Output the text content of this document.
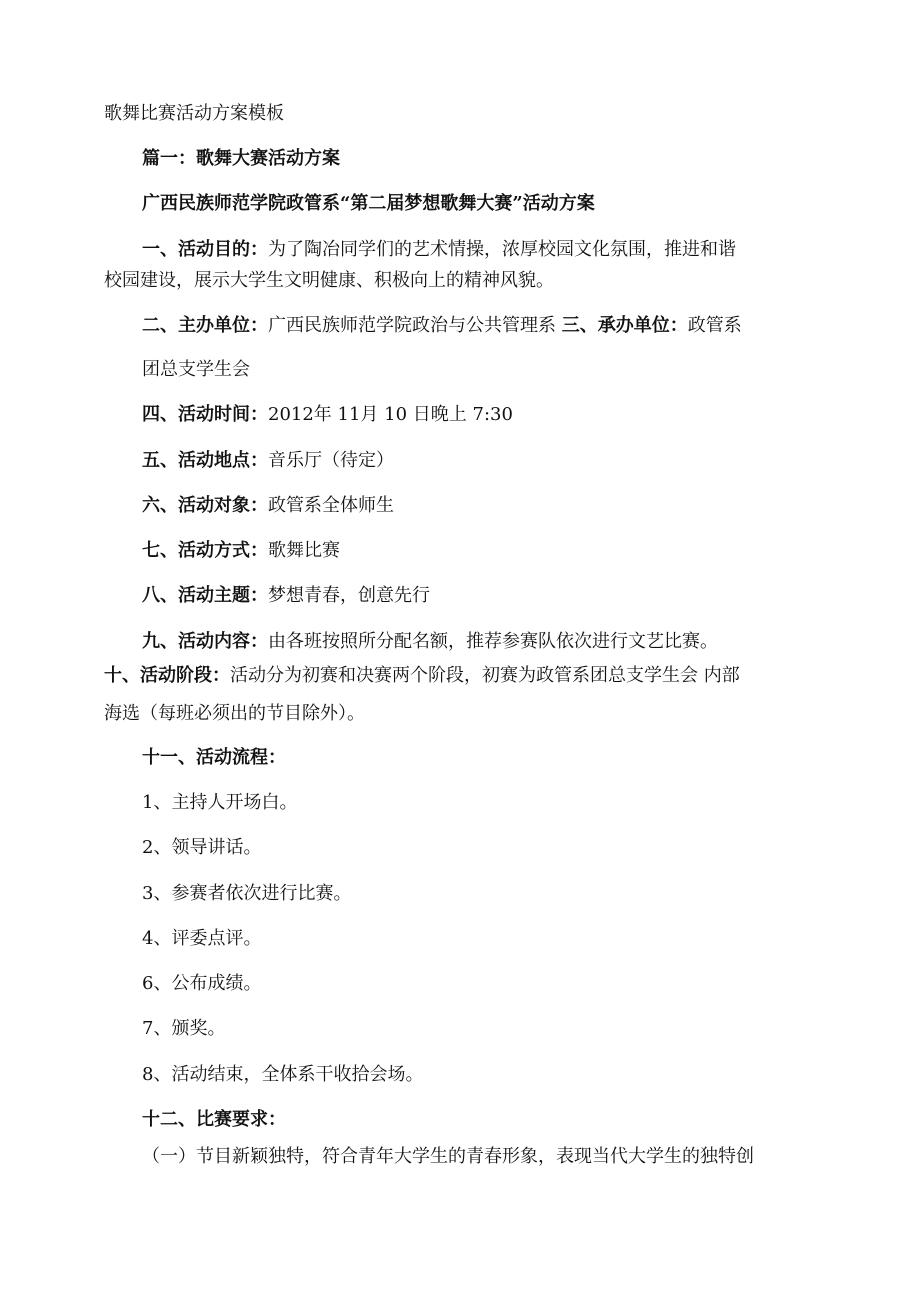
歌舞比赛活动方案模板
篇一：歌舞大赛活动方案
广西民族师范学院政管系“第二届梦想歌舞大赛”活动方案
一、活动目的：为了陶冶同学们的艺术情操，浓厚校园文化氛围，推进和谐
校园建设，展示大学生文明健康、积极向上的精神风貌。
二、主办单位：广西民族师范学院政治与公共管理系 三、承办单位：政管系
团总支学生会
四、活动时间：2012年 11月 10 日晚上 7:30
五、活动地点：音乐厅（待定）
六、活动对象：政管系全体师生
七、活动方式：歌舞比赛
八、活动主题：梦想青春，创意先行
九、活动内容：由各班按照所分配名额，推荐参赛队依次进行文艺比赛。
十、活动阶段：活动分为初赛和决赛两个阶段，初赛为政管系团总支学生会 内部
海选（每班必须出的节目除外）。
十一、活动流程：
1、主持人开场白。
2、领导讲话。
3、参赛者依次进行比赛。
4、评委点评。
6、公布成绩。
7、颁奖。
8、活动结束，全体系干收拾会场。
十二、比赛要求：
（一）节目新颖独特，符合青年大学生的青春形象，表现当代大学生的独特创
